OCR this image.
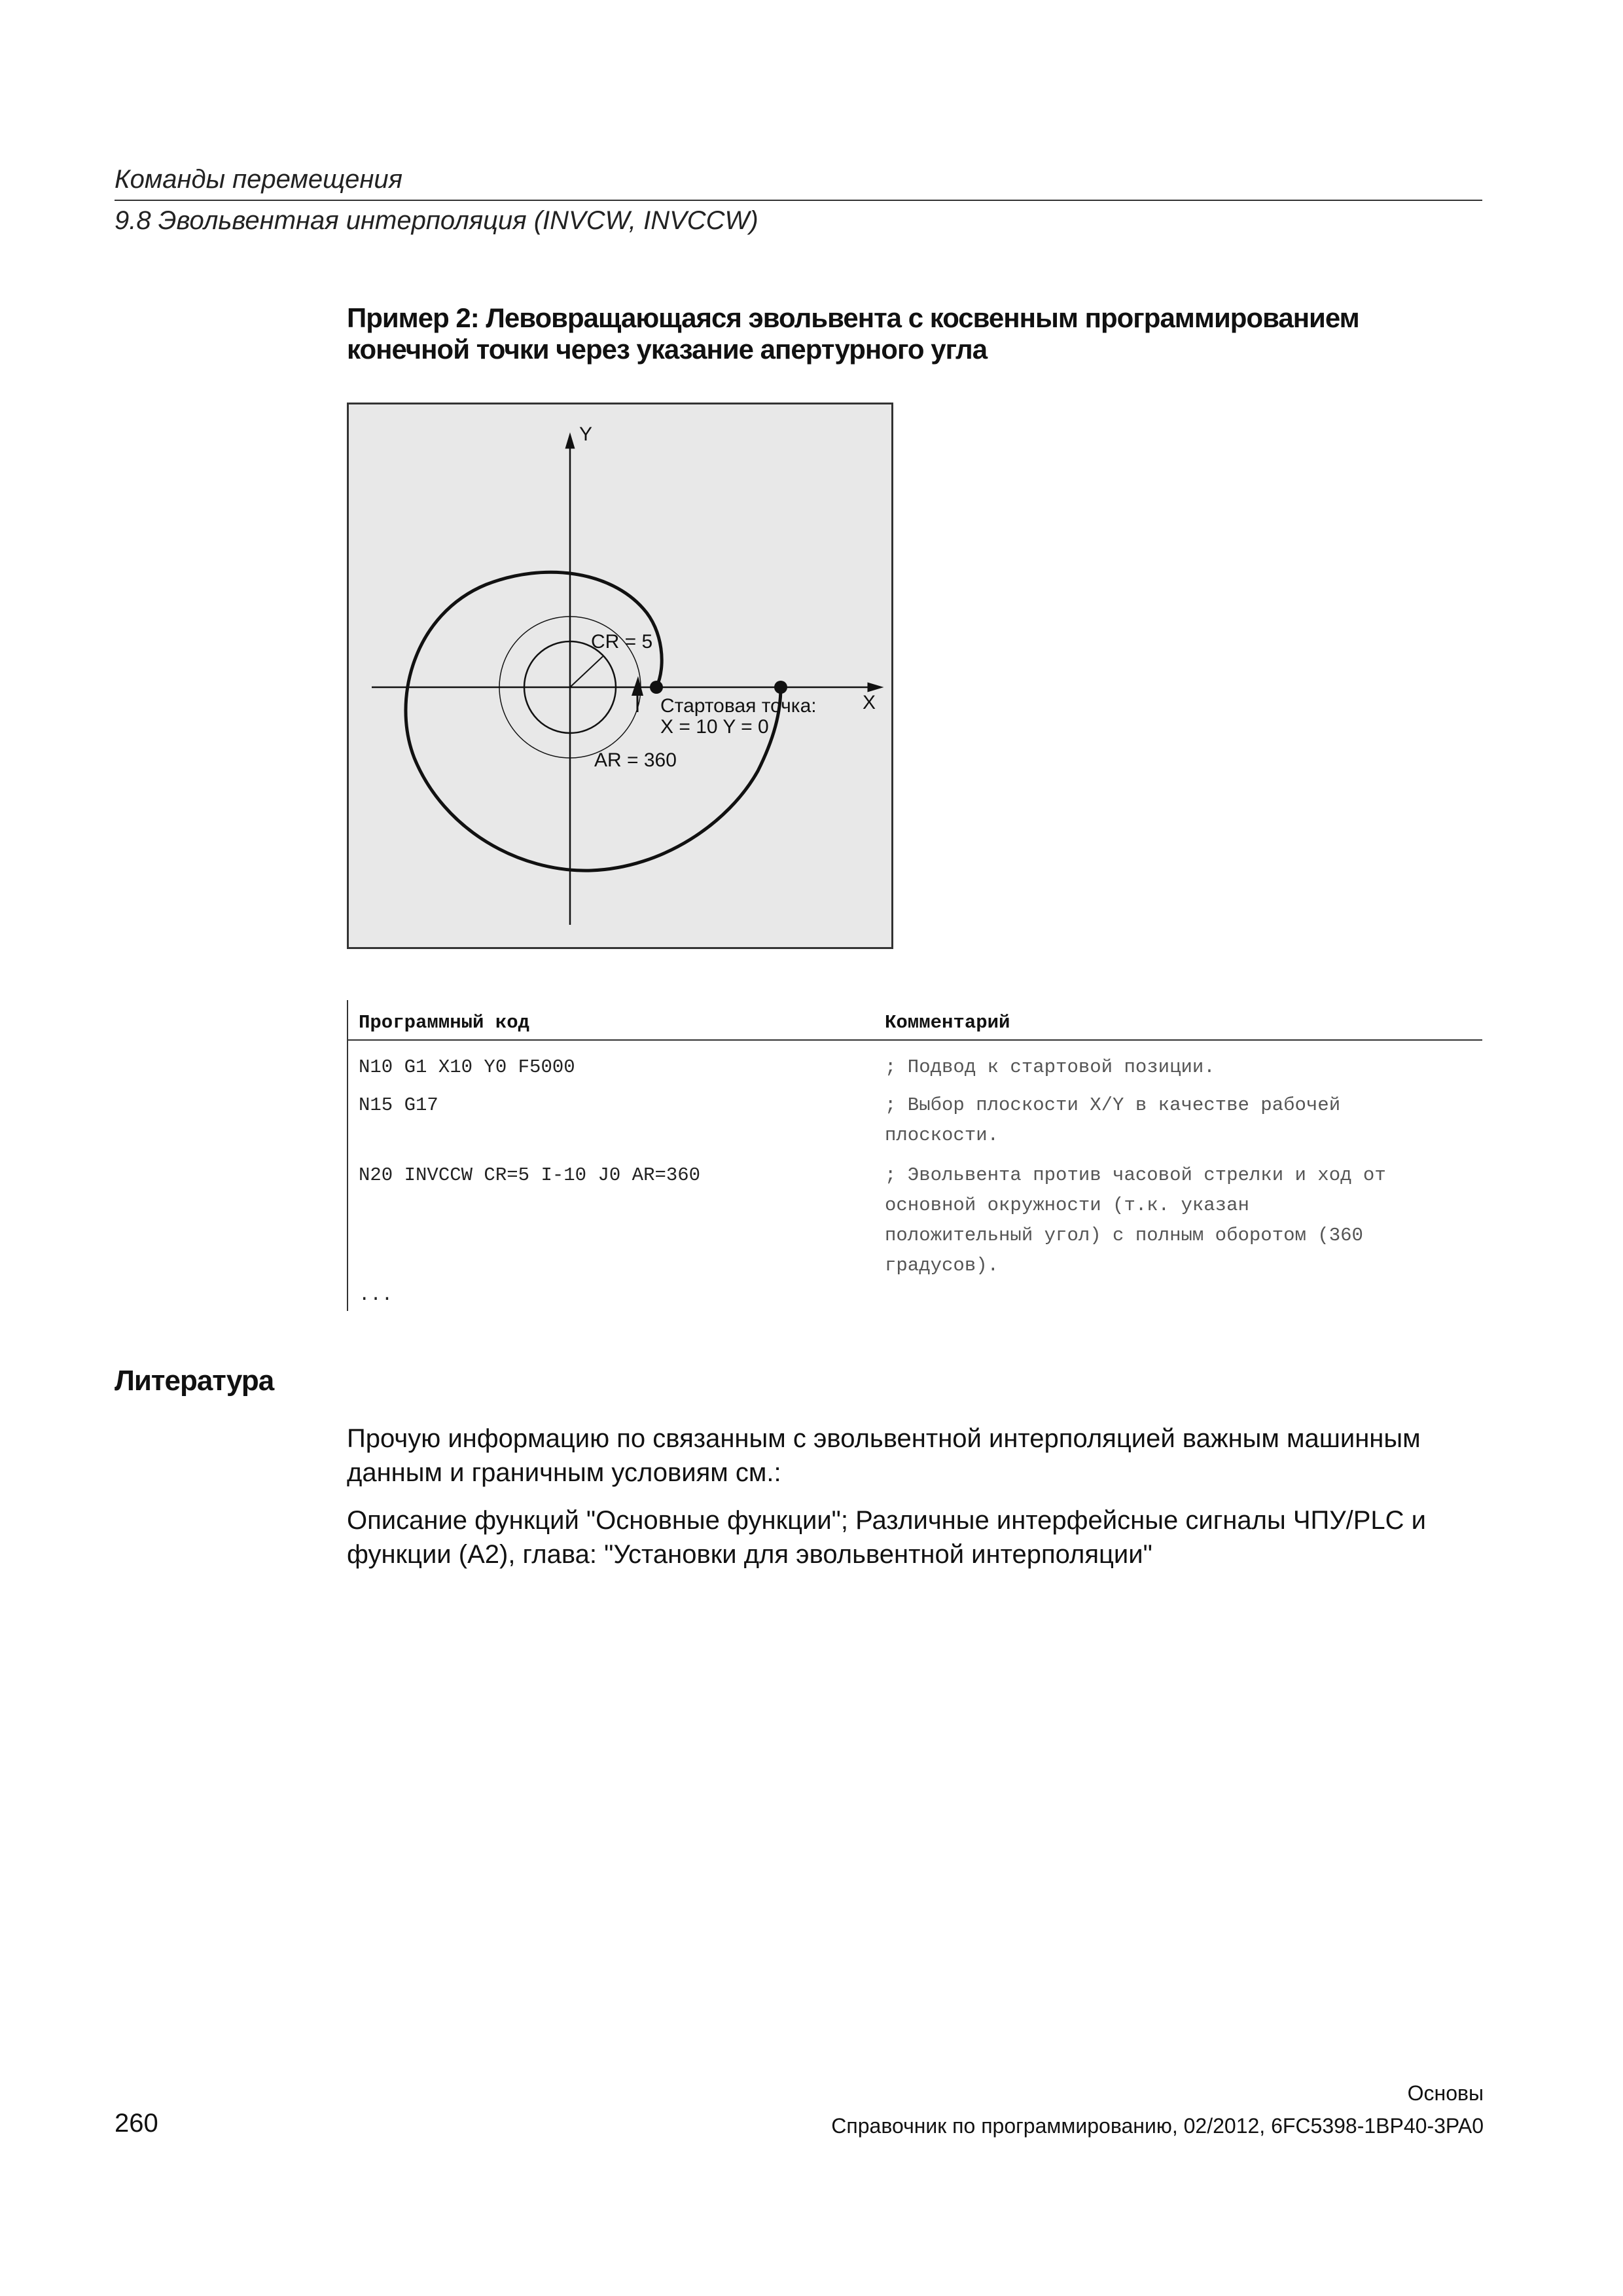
Команды перемещения
9.8 Эвольвентная интерполяция (INVCW, INVCCW)
Пример 2: Левовращающаяся эвольвента с косвенным программированием конечной точки через указание апертурного угла
Y
X
CR = 5
Стартовая точка:
X = 10 Y = 0
AR = 360
Программный код	Комментарий
N10 G1 X10 Y0 F5000	; Подвод к стартовой позиции.
N15 G17	; Выбор плоскости X/Y в качестве рабочей
плоскости.
N20 INVCCW CR=5 I-10 J0 AR=360	; Эвольвента против часовой стрелки и ход от
основной окружности (т.к. указан
положительный угол) с полным оборотом (360
градусов).
...
Литература
Прочую информацию по связанным с эвольвентной интерполяцией важным машинным данным и граничным условиям см.:
Описание функций "Основные функции"; Различные интерфейсные сигналы ЧПУ/PLC и функции (A2), глава: "Установки для эвольвентной интерполяции"
Основы
260	Справочник по программированию, 02/2012, 6FC5398-1BP40-3PA0
